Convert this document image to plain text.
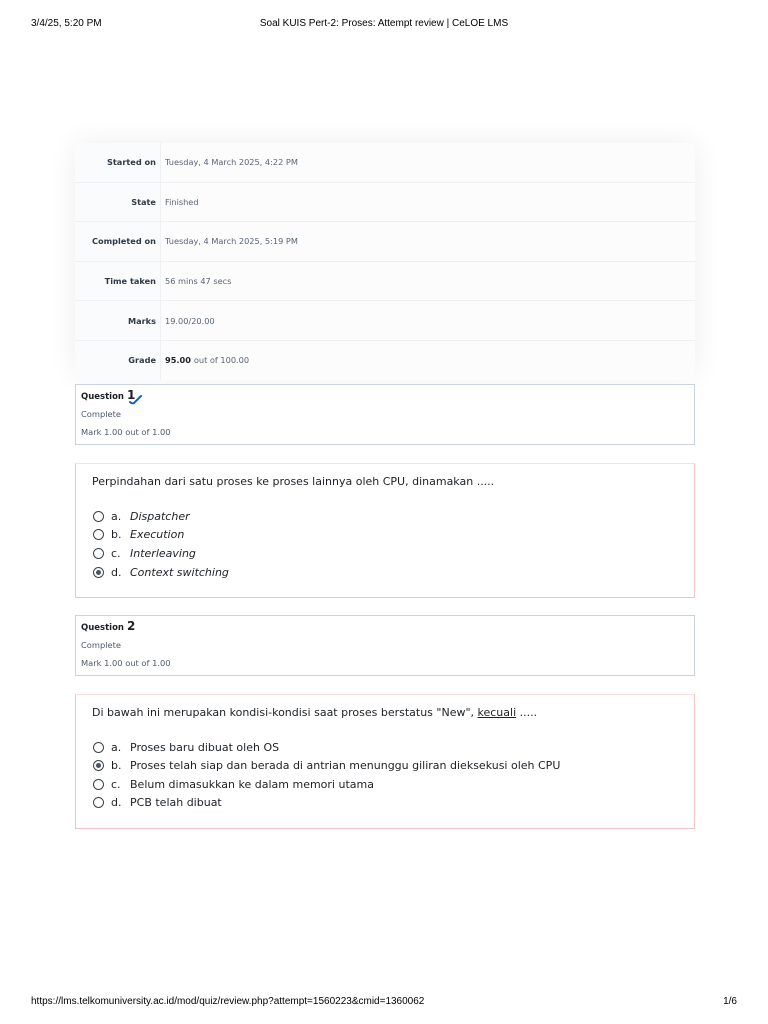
3/4/25, 5:20 PM	Soal KUIS Pert-2: Proses: Attempt review | CeLOE LMS
Started on	Tuesday, 4 March 2025, 4:22 PM
State	Finished
Completed on	Tuesday, 4 March 2025, 5:19 PM
Time taken	56 mins 47 secs
Marks	19.00/20.00
Grade	95.00 out of 100.00
Question 1
Complete
Mark 1.00 out of 1.00
Perpindahan dari satu proses ke proses lainnya oleh CPU, dinamakan .....
a. Dispatcher
b. Execution
c. Interleaving
d. Context switching
Question 2
Complete
Mark 1.00 out of 1.00
Di bawah ini merupakan kondisi-kondisi saat proses berstatus "New", kecuali .....
a. Proses baru dibuat oleh OS
b. Proses telah siap dan berada di antrian menunggu giliran dieksekusi oleh CPU
c. Belum dimasukkan ke dalam memori utama
d. PCB telah dibuat
https://lms.telkomuniversity.ac.id/mod/quiz/review.php?attempt=1560223&cmid=1360062	1/6
